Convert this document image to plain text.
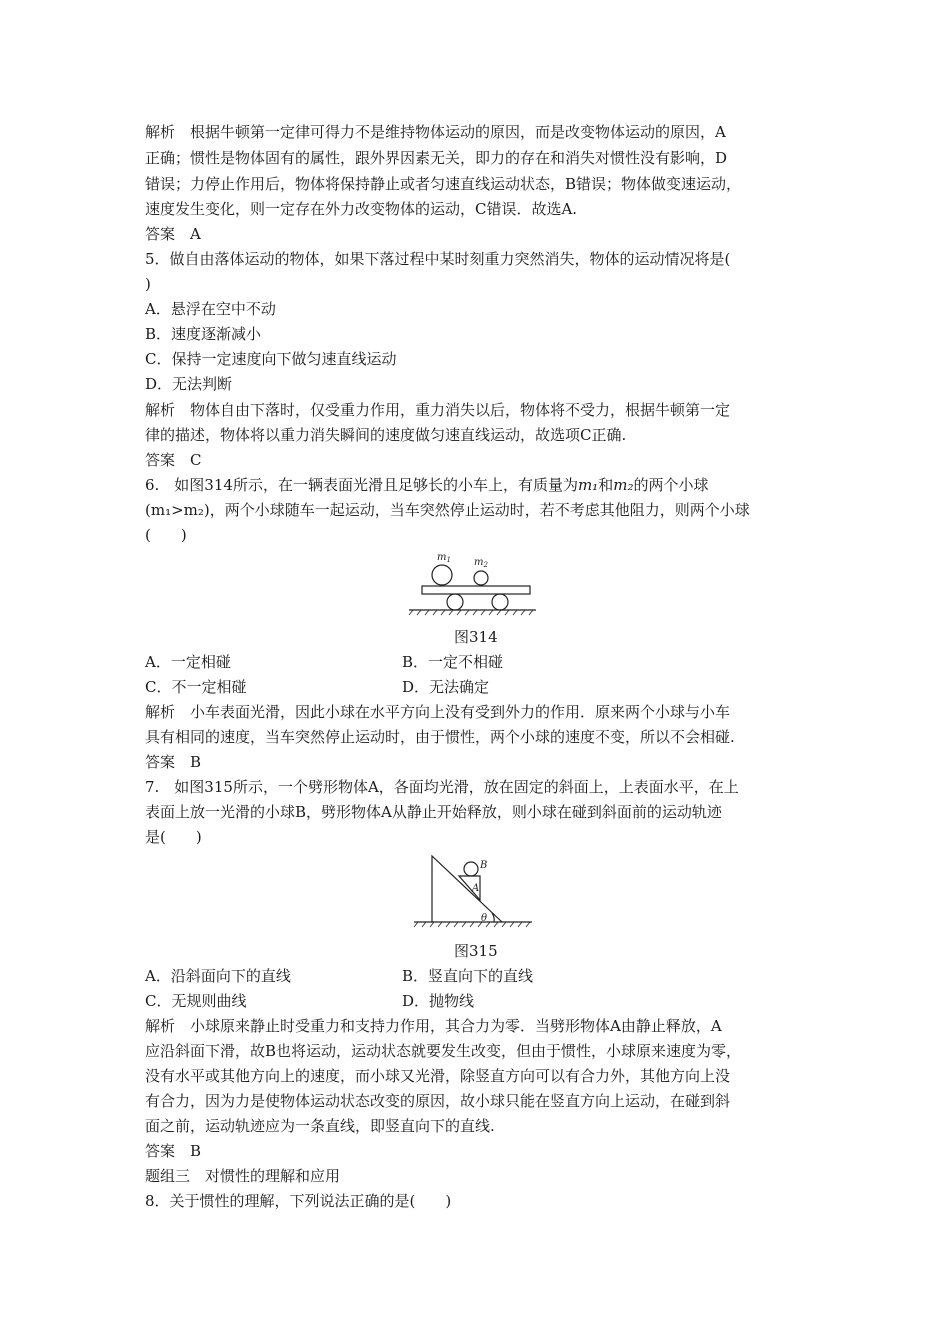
解析　根据牛顿第一定律可得力不是维持物体运动的原因，而是改变物体运动的原因，A
正确；惯性是物体固有的属性，跟外界因素无关，即力的存在和消失对惯性没有影响，D
错误；力停止作用后，物体将保持静止或者匀速直线运动状态，B错误；物体做变速运动，
速度发生变化，则一定存在外力改变物体的运动，C错误．故选A.
答案　A
5．做自由落体运动的物体，如果下落过程中某时刻重力突然消失，物体的运动情况将是(
)
A．悬浮在空中不动
B．速度逐渐减小
C．保持一定速度向下做匀速直线运动
D．无法判断
解析　物体自由下落时，仅受重力作用，重力消失以后，物体将不受力，根据牛顿第一定
律的描述，物体将以重力消失瞬间的速度做匀速直线运动，故选项C正确.
答案　C
6.　如图314所示，在一辆表面光滑且足够长的小车上，有质量为m₁和m₂的两个小球
(m₁>m₂)，两个小球随车一起运动，当车突然停止运动时，若不考虑其他阻力，则两个小球
(　　)
$m_1$ $m_2$
图314
A．一定相碰	B．一定不相碰
C．不一定相碰	D．无法确定
解析　小车表面光滑，因此小球在水平方向上没有受到外力的作用．原来两个小球与小车
具有相同的速度，当车突然停止运动时，由于惯性，两个小球的速度不变，所以不会相碰.
答案　B
7.　如图315所示，一个劈形物体A，各面均光滑，放在固定的斜面上，上表面水平，在上
表面上放一光滑的小球B，劈形物体A从静止开始释放，则小球在碰到斜面前的运动轨迹
是(　　)
B
A
θ
图315
A．沿斜面向下的直线	B．竖直向下的直线
C．无规则曲线	D．抛物线
解析　小球原来静止时受重力和支持力作用，其合力为零．当劈形物体A由静止释放，A
应沿斜面下滑，故B也将运动，运动状态就要发生改变，但由于惯性，小球原来速度为零，
没有水平或其他方向上的速度，而小球又光滑，除竖直方向可以有合力外，其他方向上没
有合力，因为力是使物体运动状态改变的原因，故小球只能在竖直方向上运动，在碰到斜
面之前，运动轨迹应为一条直线，即竖直向下的直线.
答案　B
题组三　对惯性的理解和应用
8．关于惯性的理解，下列说法正确的是(　　)
